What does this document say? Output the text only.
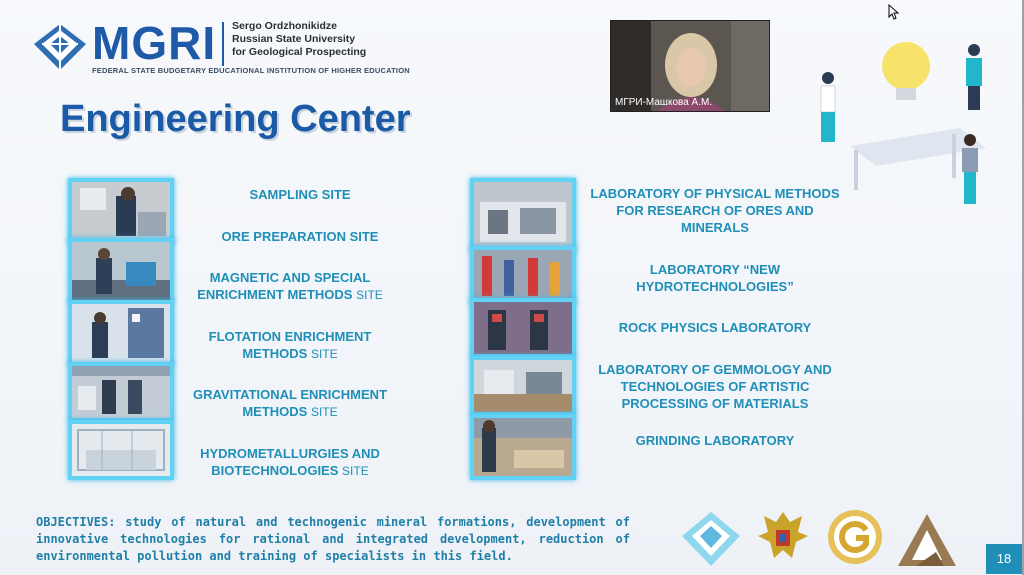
MGRI Sergo Ordzhonikidze
Russian State University
for Geological Prospecting
FEDERAL STATE BUDGETARY EDUCATIONAL INSTITUTION OF HIGHER EDUCATION
Engineering Center	МГРИ-Машкова А.М.
SAMPLING SITE
ORE PREPARATION SITE
MAGNETIC AND SPECIAL ENRICHMENT METHODS SITE
FLOTATION ENRICHMENT METHODS SITE
GRAVITATIONAL ENRICHMENT METHODS SITE
HYDROMETALLURGIES AND BIOTECHNOLOGIES SITE
LABORATORY OF PHYSICAL METHODS FOR RESEARCH OF ORES AND MINERALS
LABORATORY “NEW HYDROTECHNOLOGIES”
ROCK PHYSICS LABORATORY
LABORATORY OF GEMMOLOGY AND TECHNOLOGIES OF ARTISTIC PROCESSING OF MATERIALS
GRINDING LABORATORY
OBJECTIVES: study of natural and technogenic mineral formations, development of innovative technologies for rational and integrated development, reduction of environmental pollution and training of specialists in this field.	18
